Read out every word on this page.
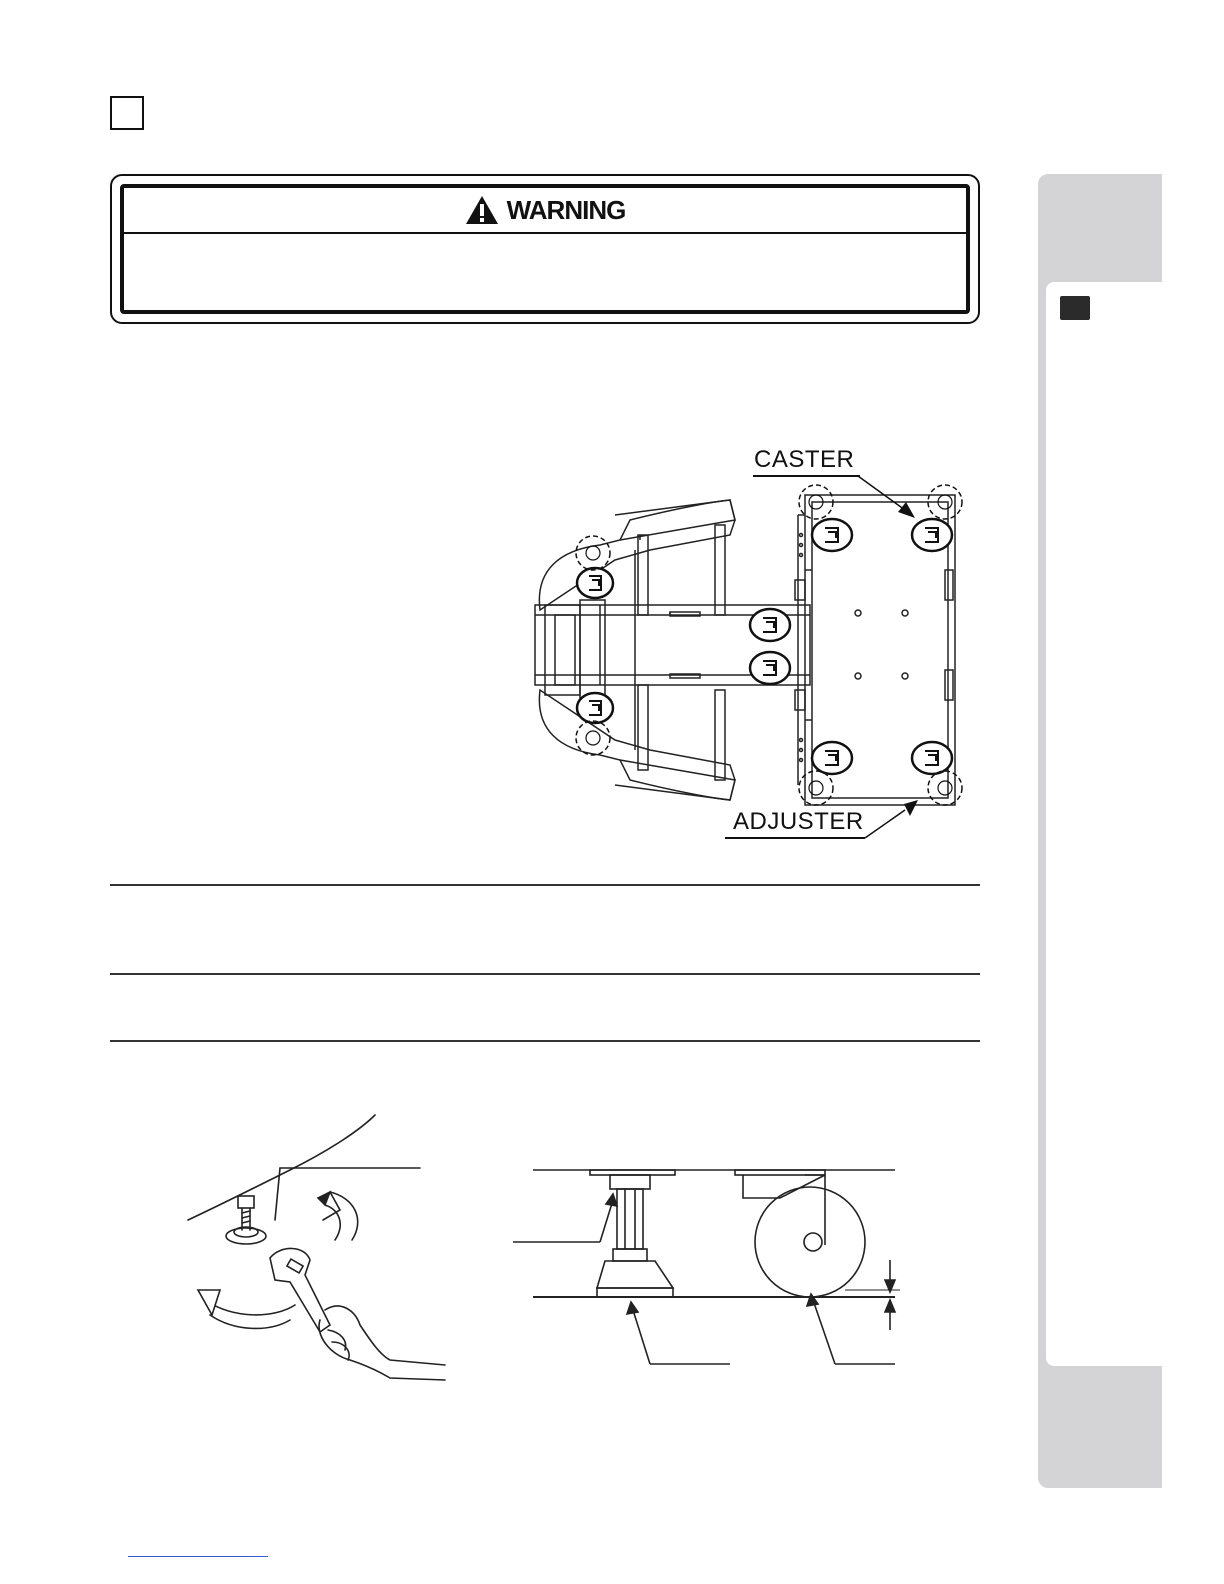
WARNING
CASTER
ADJUSTER
